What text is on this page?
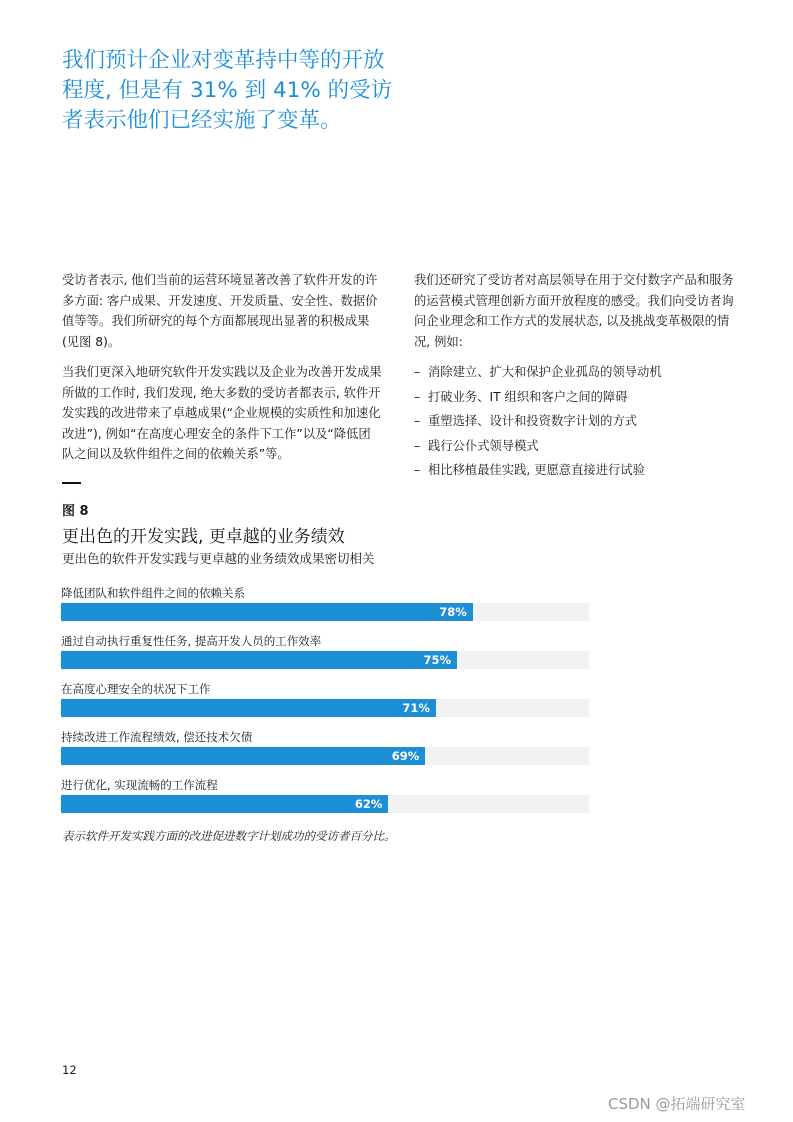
我们预计企业对变革持中等的开放程度, 但是有 31% 到 41% 的受访者表示他们已经实施了变革。

受访者表示, 他们当前的运营环境显著改善了软件开发的许多方面: 客户成果、开发速度、开发质量、安全性、数据价值等等。我们所研究的每个方面都展现出显著的积极成果(见图 8)。

当我们更深入地研究软件开发实践以及企业为改善开发成果所做的工作时, 我们发现, 绝大多数的受访者都表示, 软件开发实践的改进带来了卓越成果(“企业规模的实质性和加速化改进”), 例如“在高度心理安全的条件下工作”以及“降低团队之间以及软件组件之间的依赖关系”等。

我们还研究了受访者对高层领导在用于交付数字产品和服务的运营模式管理创新方面开放程度的感受。我们向受访者询问企业理念和工作方式的发展状态, 以及挑战变革极限的情况, 例如:

– 消除建立、扩大和保护企业孤岛的领导动机
– 打破业务、IT 组织和客户之间的障碍
– 重塑选择、设计和投资数字计划的方式
– 践行公仆式领导模式
– 相比移植最佳实践, 更愿意直接进行试验
图 8
更出色的开发实践, 更卓越的业务绩效
更出色的软件开发实践与更卓越的业务绩效成果密切相关
降低团队和软件组件之间的依赖关系
78%
通过自动执行重复性任务, 提高开发人员的工作效率
75%
在高度心理安全的状况下工作
71%
持续改进工作流程绩效, 偿还技术欠债
69%
进行优化, 实现流畅的工作流程
62%
表示软件开发实践方面的改进促进数字计划成功的受访者百分比。
12
CSDN @拓端研究室
